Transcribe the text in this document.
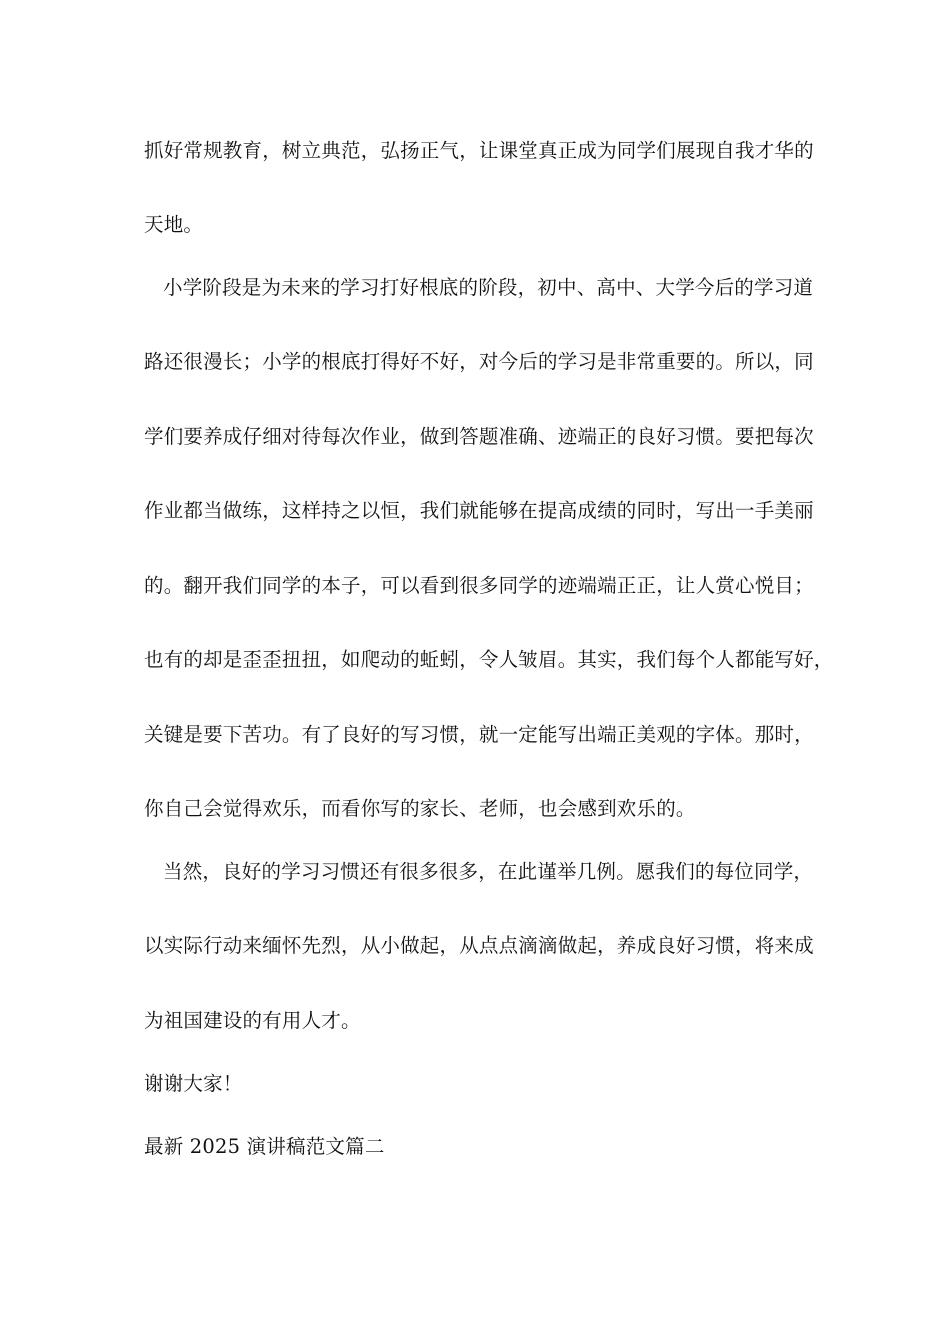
抓好常规教育，树立典范，弘扬正气，让课堂真正成为同学们展现自我才华的
天地。
小学阶段是为未来的学习打好根底的阶段，初中、高中、大学今后的学习道
路还很漫长；小学的根底打得好不好，对今后的学习是非常重要的。所以，同
学们要养成仔细对待每次作业，做到答题准确、迹端正的良好习惯。要把每次
作业都当做练，这样持之以恒，我们就能够在提高成绩的同时，写出一手美丽
的。翻开我们同学的本子，可以看到很多同学的迹端端正正，让人赏心悦目；
也有的却是歪歪扭扭，如爬动的蚯蚓，令人皱眉。其实，我们每个人都能写好，
关键是要下苦功。有了良好的写习惯，就一定能写出端正美观的字体。那时，
你自己会觉得欢乐，而看你写的家长、老师，也会感到欢乐的。
当然，良好的学习习惯还有很多很多，在此谨举几例。愿我们的每位同学，
以实际行动来缅怀先烈，从小做起，从点点滴滴做起，养成良好习惯，将来成
为祖国建设的有用人才。
谢谢大家！
最新 2025 演讲稿范文篇二
